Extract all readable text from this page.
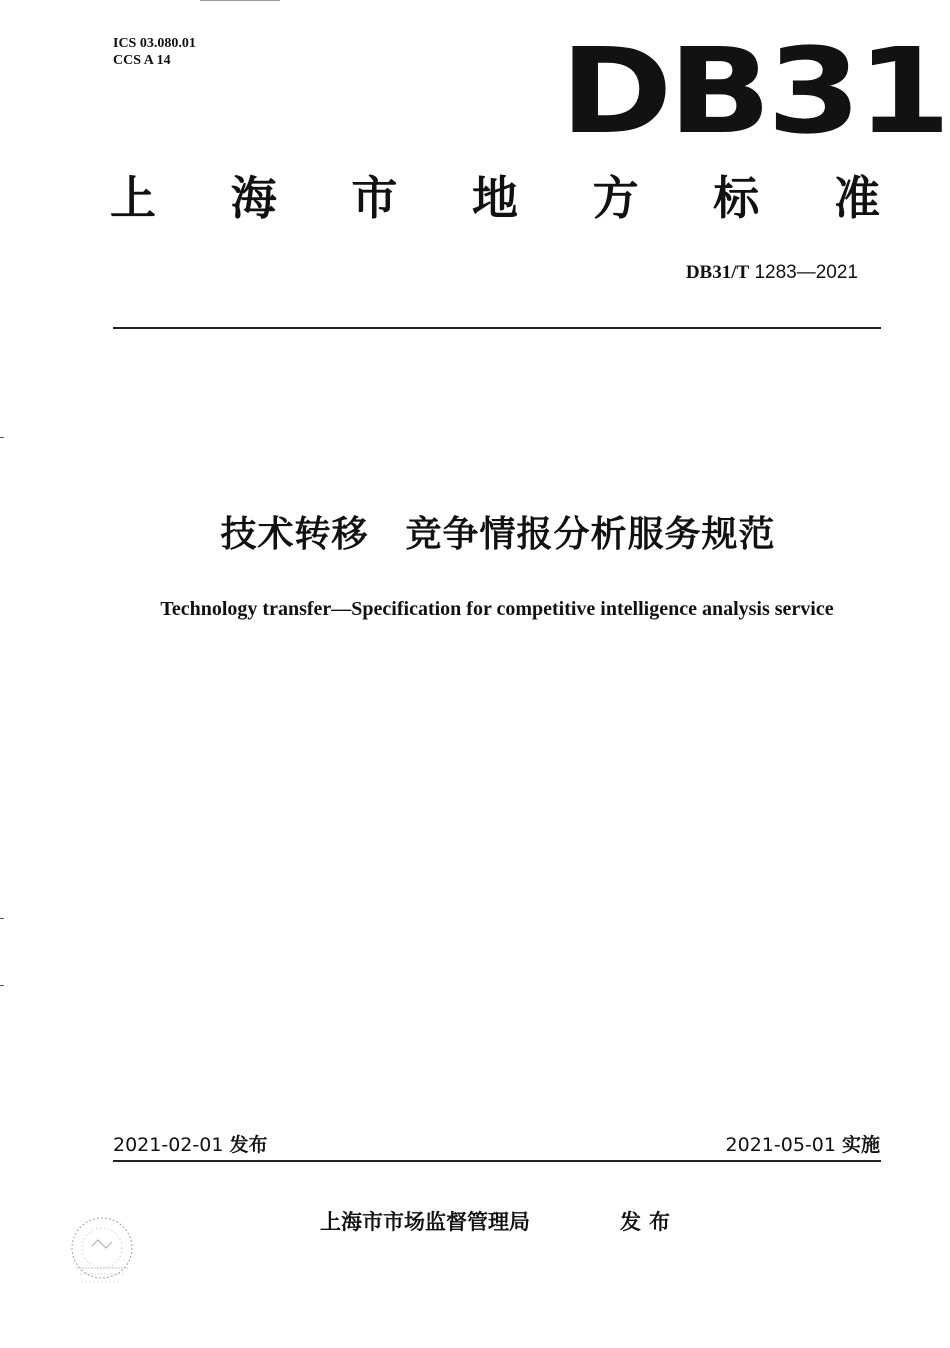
ICS 03.080.01
CCS A 14	DB31
上 海 市 地 方 标 准
DB31/T 1283—2021
技术转移　竞争情报分析服务规范
Technology transfer—Specification for competitive intelligence analysis service
2021-02-01 发布	2021-05-01 实施
上海市市场监督管理局	发布
